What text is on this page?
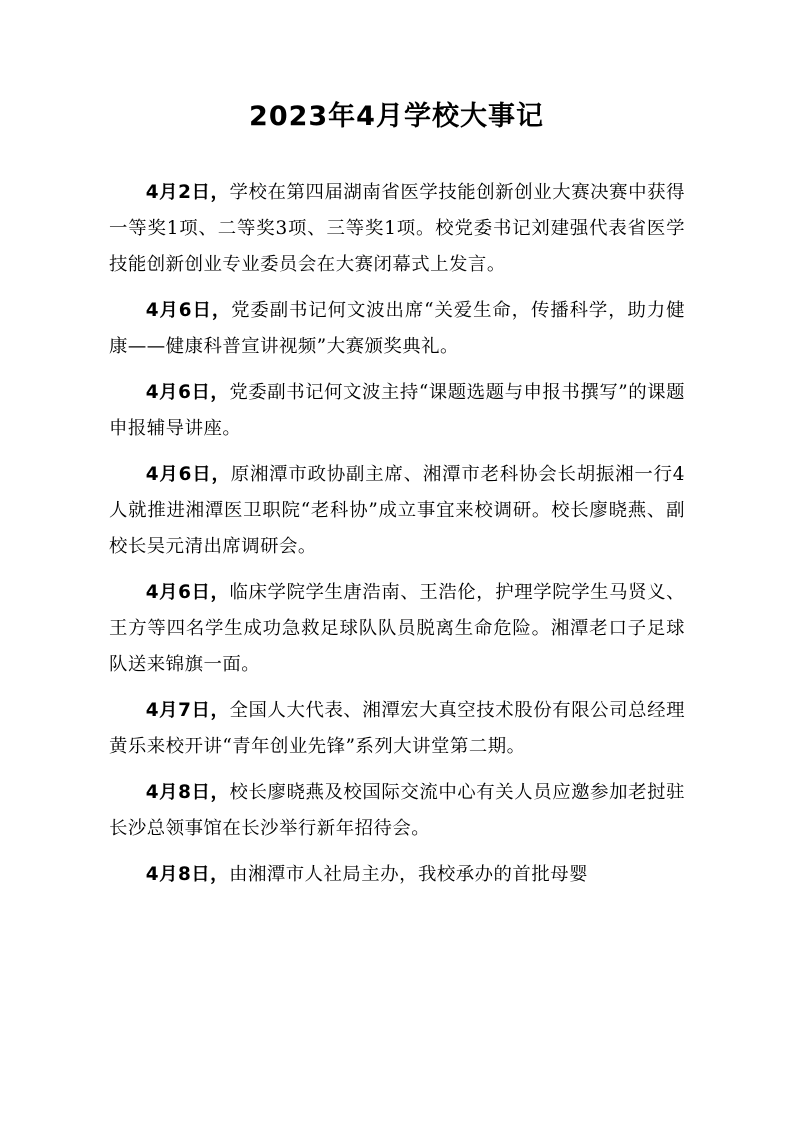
2023年4月学校大事记

4月2日，学校在第四届湖南省医学技能创新创业大赛决赛中获得一等奖1项、二等奖3项、三等奖1项。校党委书记刘建强代表省医学技能创新创业专业委员会在大赛闭幕式上发言。

4月6日，党委副书记何文波出席“关爱生命，传播科学，助力健康——健康科普宣讲视频”大赛颁奖典礼。

4月6日，党委副书记何文波主持“课题选题与申报书撰写”的课题申报辅导讲座。

4月6日，原湘潭市政协副主席、湘潭市老科协会长胡振湘一行4人就推进湘潭医卫职院“老科协”成立事宜来校调研。校长廖晓燕、副校长吴元清出席调研会。

4月6日，临床学院学生唐浩南、王浩伦，护理学院学生马贤义、王方等四名学生成功急救足球队队员脱离生命危险。湘潭老口子足球队送来锦旗一面。

4月7日，全国人大代表、湘潭宏大真空技术股份有限公司总经理黄乐来校开讲“青年创业先锋”系列大讲堂第二期。

4月8日，校长廖晓燕及校国际交流中心有关人员应邀参加老挝驻长沙总领事馆在长沙举行新年招待会。

4月8日，由湘潭市人社局主办，我校承办的首批母婴
